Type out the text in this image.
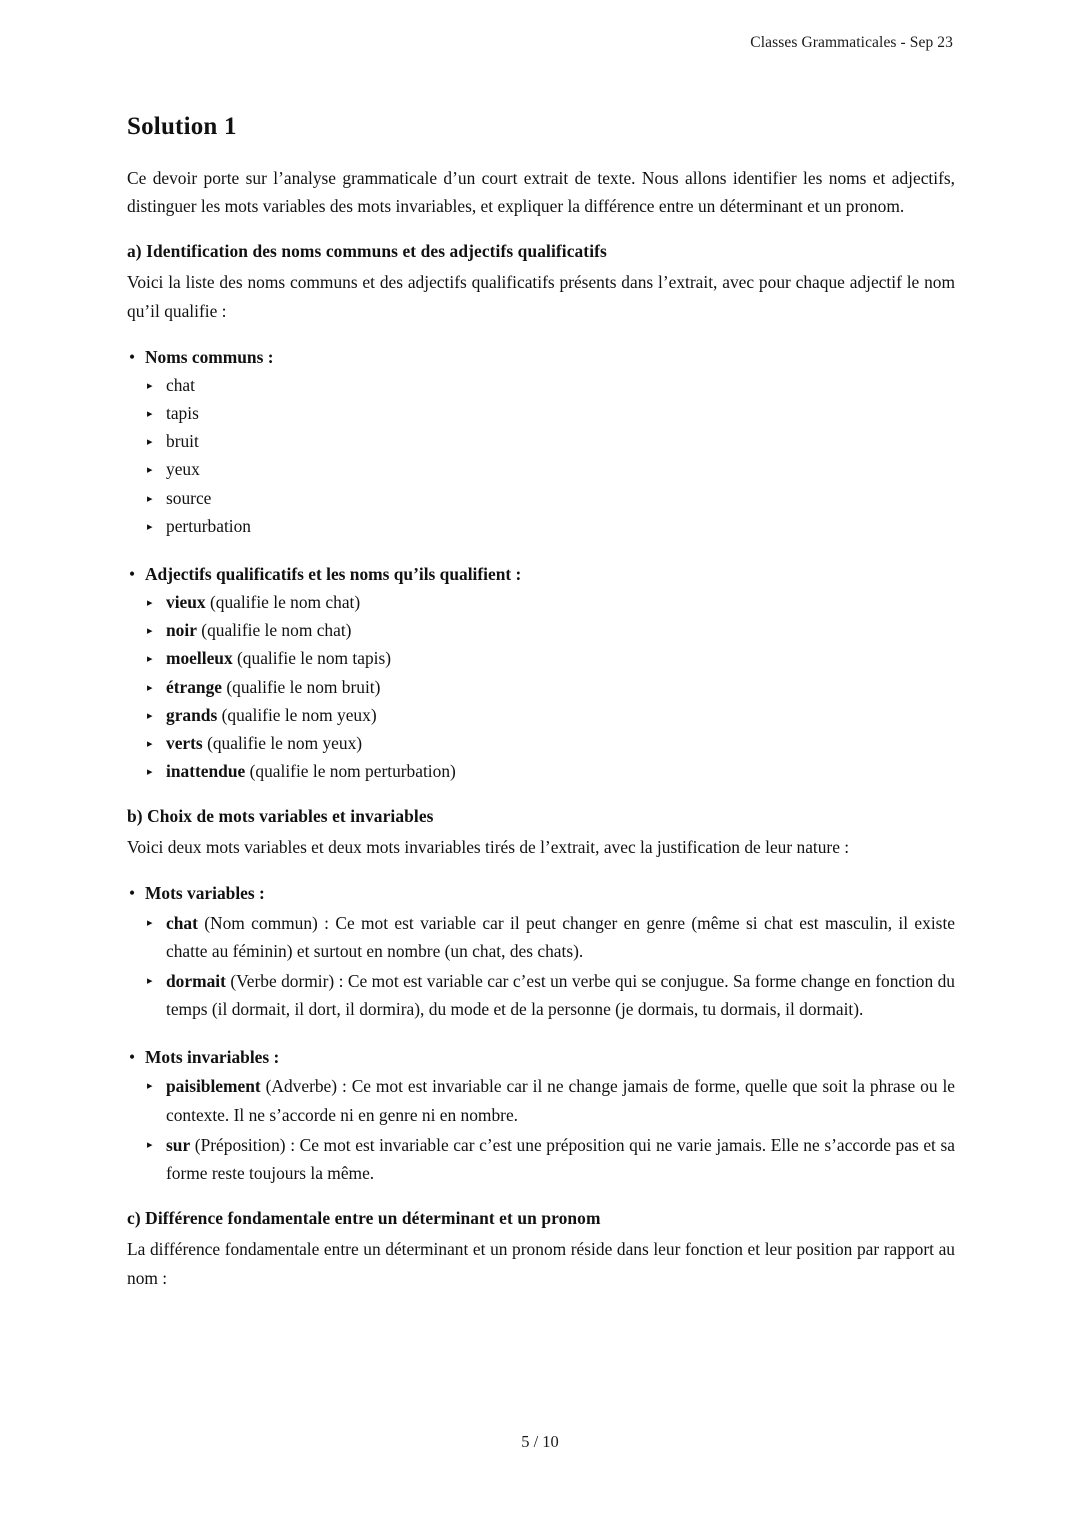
Classes Grammaticales - Sep 23
Solution 1

Ce devoir porte sur l’analyse grammaticale d’un court extrait de texte. Nous allons identifier les noms et adjectifs, distinguer les mots variables des mots invariables, et expliquer la différence entre un déterminant et un pronom.

a) Identification des noms communs et des adjectifs qualificatifs

Voici la liste des noms communs et des adjectifs qualificatifs présents dans l’extrait, avec pour chaque adjectif le nom qu’il qualifie :

• Noms communs :
▸ chat
▸ tapis
▸ bruit
▸ yeux
▸ source
▸ perturbation
• Adjectifs qualificatifs et les noms qu’ils qualifient :
▸ vieux (qualifie le nom chat)
▸ noir (qualifie le nom chat)
▸ moelleux (qualifie le nom tapis)
▸ étrange (qualifie le nom bruit)
▸ grands (qualifie le nom yeux)
▸ verts (qualifie le nom yeux)
▸ inattendue (qualifie le nom perturbation)
b) Choix de mots variables et invariables

Voici deux mots variables et deux mots invariables tirés de l’extrait, avec la justification de leur nature :

• Mots variables :
▸ chat (Nom commun) : Ce mot est variable car il peut changer en genre (même si chat est masculin, il existe chatte au féminin) et surtout en nombre (un chat, des chats).
▸ dormait (Verbe dormir) : Ce mot est variable car c’est un verbe qui se conjugue. Sa forme change en fonction du temps (il dormait, il dort, il dormira), du mode et de la personne (je dormais, tu dormais, il dormait).
• Mots invariables :
▸ paisiblement (Adverbe) : Ce mot est invariable car il ne change jamais de forme, quelle que soit la phrase ou le contexte. Il ne s’accorde ni en genre ni en nombre.
▸ sur (Préposition) : Ce mot est invariable car c’est une préposition qui ne varie jamais. Elle ne s’accorde pas et sa forme reste toujours la même.
c) Différence fondamentale entre un déterminant et un pronom

La différence fondamentale entre un déterminant et un pronom réside dans leur fonction et leur position par rapport au nom :

5 / 10
